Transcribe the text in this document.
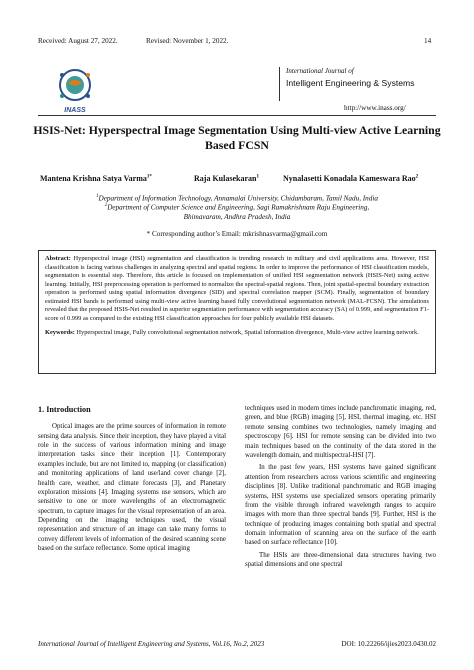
Received: August 27, 2022.	Revised: November 1, 2022.	14
INASS
International Journal of
Intelligent Engineering & Systems
http://www.inass.org/
HSIS-Net: Hyperspectral Image Segmentation Using Multi-view Active Learning
Based FCSN
Mantena Krishna Satya Varma$^{1*}$	Raja Kulasekaran$^1$	Nynalasetti Konadala Kameswara Rao$^2$
$^1$Department of Information Technology, Annamalai University, Chidambaram, Tamil Nadu, India
$^2$Department of Computer Science and Engineering, Sagi Ramakrishnam Raju Engineering,
Bhimavaram, Andhra Pradesh, India
* Corresponding author’s Email: mkrishnasvarma@gmail.com
Abstract: Hyperspectral image (HSI) segmentation and classification is trending research in military and civil applications area. However, HSI classification is facing various challenges in analyzing spectral and spatial regions. In order to improve the performance of HSI classification models, segmentation is essential step. Therefore, this article is focused on implementation of unified HSI segmentation network (HSIS-Net) using active learning. Initially, HSI preprocessing operation is performed to normalize the spectral-spatial regions. Then, joint spatial-spectral boundary extraction operation is performed using spatial information divergence (SID) and spectral correlation mapper (SCM). Finally, segmentation of boundary estimated HSI bands is performed using multi-view active learning based fully convolutional segmentation network (MAL-FCSN). The simulations revealed that the proposed HSIS-Net resulted in superior segmentation performance with segmentation accuracy (SA) of 0.999, and segmentation F1-score of 0.999 as compared to the existing HSI classification approaches for four publicly available HSI datasets.
Keywords: Hyperspectral image, Fully convolutional segmentation network, Spatial information divergence, Multi-view active learning network.
1. Introduction

Optical images are the prime sources of information in remote sensing data analysis. Since their inception, they have played a vital role in the success of various information mining and image interpretation tasks since their inception [1]. Contemporary examples include, but are not limited to, mapping (or classification) and monitoring applications of land use/land cover change [2], health care, weather, and climate forecasts [3], and Planetary exploration missions [4]. Imaging systems use sensors, which are sensitive to one or more wavelengths of an electromagnetic spectrum, to capture images for the visual representation of an area. Depending on the imaging techniques used, the visual representation and structure of an image can take many forms to convey different levels of information of the desired scanning scene based on the surface reflectance. Some optical imaging

techniques used in modern times include panchromatic imaging, red, green, and blue (RGB) imaging [5], HSI, thermal imaging, etc. HSI remote sensing combines two technologies, namely imaging and spectroscopy [6]. HSI for remote sensing can be divided into two main techniques based on the continuity of the data stored in the wavelength domain, and multispectral-HSI [7].

In the past few years, HSI systems have gained significant attention from researchers across various scientific and engineering disciplines [8]. Unlike traditional panchromatic and RGB imaging systems, HSI systems use specialized sensors operating primarily from the visible through infrared wavelength ranges to acquire images with more than three spectral bands [9]. Further, HSI is the technique of producing images containing both spatial and spectral domain information of scanning area on the surface of the earth based on surface reflectance [10].

The HSIs are three-dimensional data structures having two spatial dimensions and one spectral

International Journal of Intelligent Engineering and Systems, Vol.16, No.2, 2023	DOI: 10.22266/ijies2023.0430.02
